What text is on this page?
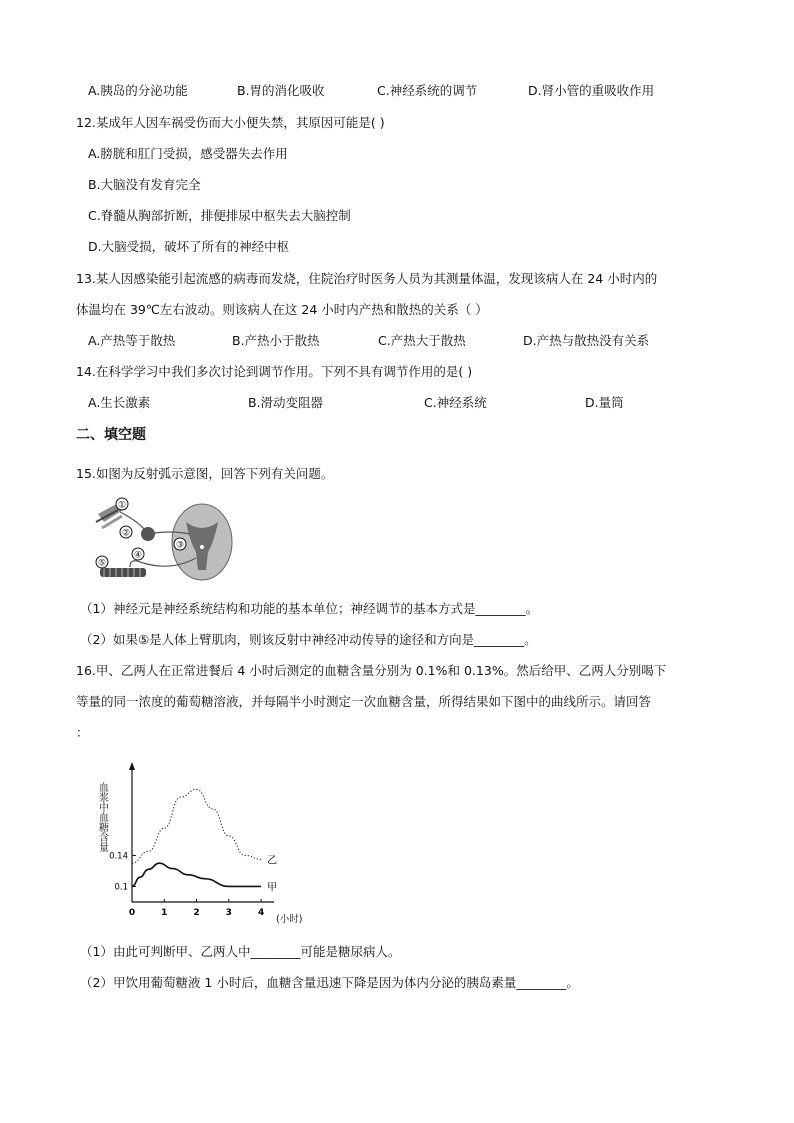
A.胰岛的分泌功能	B.胃的消化吸收	C.神经系统的调节	D.肾小管的重吸收作用
12.某成年人因车祸受伤而大小便失禁，其原因可能是( )
A.膀胱和肛门受损，感受器失去作用
B.大脑没有发育完全
C.脊髓从胸部折断，排便排尿中枢失去大脑控制
D.大脑受损，破坏了所有的神经中枢
13.某人因感染能引起流感的病毒而发烧，住院治疗时医务人员为其测量体温，发现该病人在 24 小时内的
体温均在 39℃左右波动。则该病人在这 24 小时内产热和散热的关系（ ）
A.产热等于散热	B.产热小于散热	C.产热大于散热	D.产热与散热没有关系
14.在科学学习中我们多次讨论到调节作用。下列不具有调节作用的是( )
A.生长激素	B.滑动变阻器	C.神经系统	D.量筒
二、填空题
15.如图为反射弧示意图，回答下列有关问题。
①
②
③
④
⑤
（1）神经元是神经系统结构和功能的基本单位；神经调节的基本方式是________。
（2）如果⑤是人体上臂肌肉，则该反射中神经冲动传导的途径和方向是________。
16.甲、乙两人在正常进餐后 4 小时后测定的血糖含量分别为 0.1%和 0.13%。然后给甲、乙两人分别喝下
等量的同一浓度的葡萄糖溶液，并每隔半小时测定一次血糖含量，所得结果如下图中的曲线所示。请回答
：
血浆中血糖含量
0	1	2	3	4
0.1
0.14	乙
甲
(小时)
（1）由此可判断甲、乙两人中________可能是糖尿病人。
（2）甲饮用葡萄糖液 1 小时后，血糖含量迅速下降是因为体内分泌的胰岛素量________。
